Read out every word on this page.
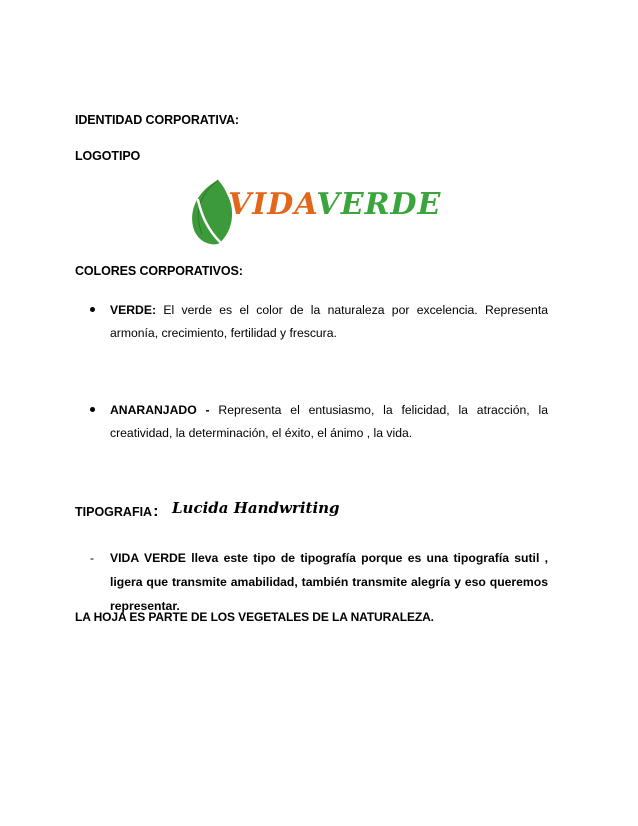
IDENTIDAD CORPORATIVA:
LOGOTIPO
VIDAVERDE
COLORES CORPORATIVOS:
VERDE: El verde es el color de la naturaleza por excelencia. Representa armonía, crecimiento, fertilidad y frescura.
ANARANJADO - Representa el entusiasmo, la felicidad, la atracción, la creatividad, la determinación, el éxito, el ánimo , la vida.
TIPOGRAFIA: Lucida Handwriting
- VIDA VERDE lleva este tipo de tipografía porque es una tipografía sutil , ligera que transmite amabilidad, también transmite alegría y eso queremos representar.
LA HOJA ES PARTE DE LOS VEGETALES DE LA NATURALEZA.
